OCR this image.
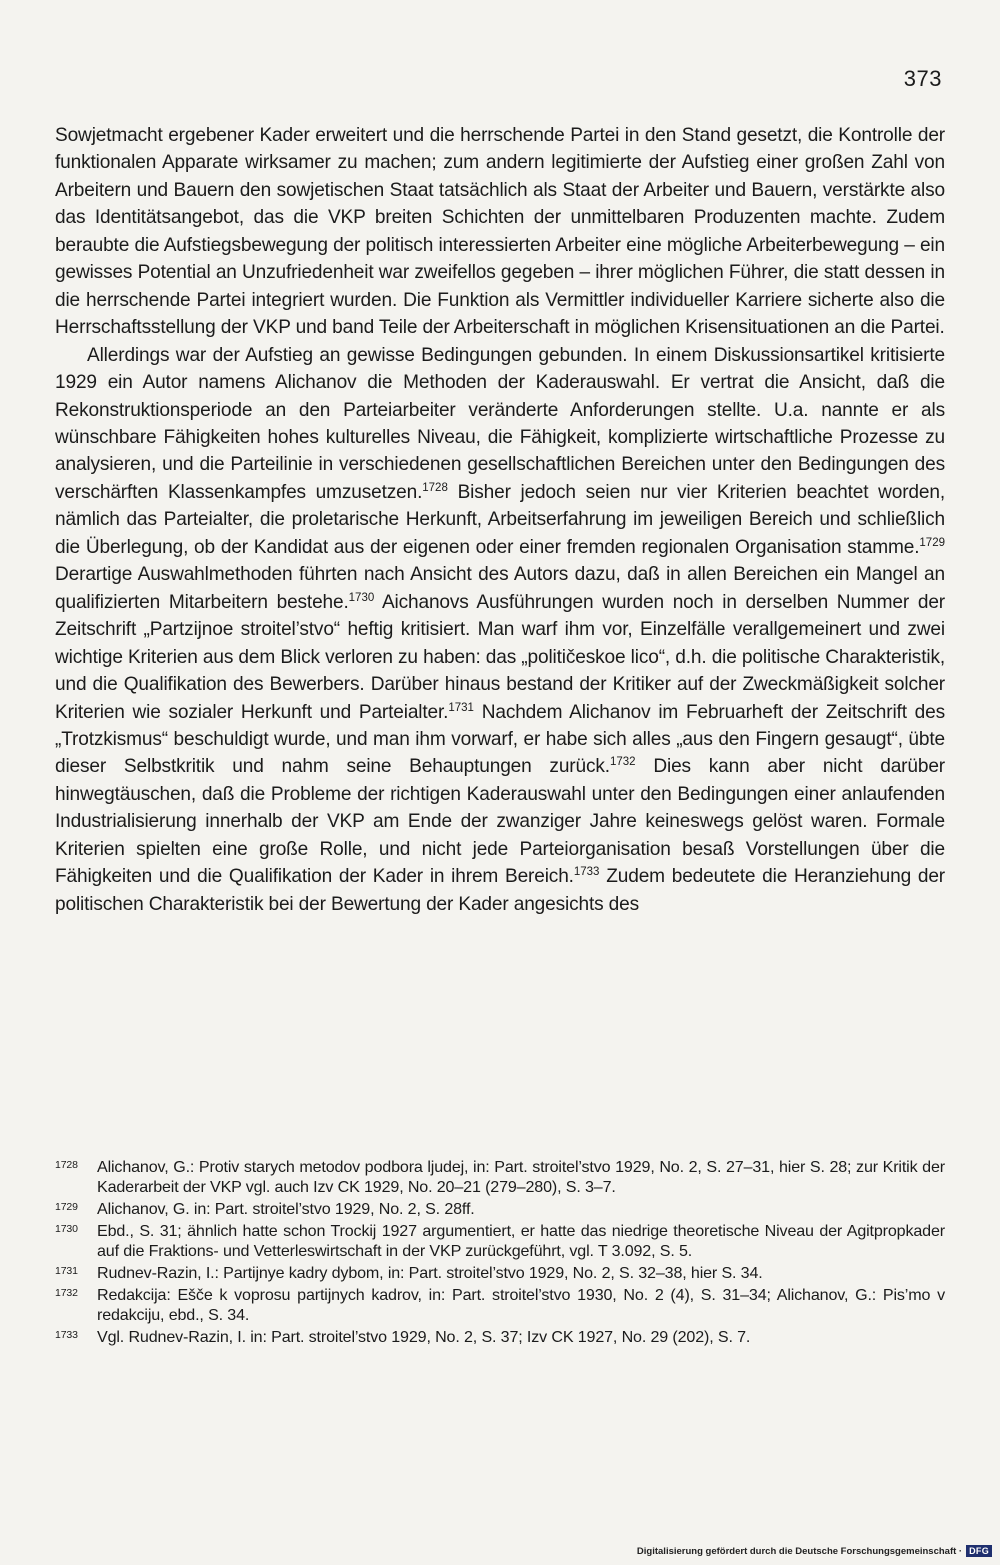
373

Sowjetmacht ergebener Kader erweitert und die herrschende Partei in den Stand gesetzt, die Kontrolle der funktionalen Apparate wirksamer zu machen; zum andern legitimierte der Aufstieg einer großen Zahl von Arbeitern und Bauern den sowjetischen Staat tatsächlich als Staat der Arbeiter und Bauern, verstärkte also das Identitätsangebot, das die VKP breiten Schichten der unmittelbaren Produzenten machte. Zudem beraubte die Aufstiegsbewegung der politisch interessierten Arbeiter eine mögliche Arbeiterbewegung – ein gewisses Potential an Unzufriedenheit war zweifellos gegeben – ihrer möglichen Führer, die statt dessen in die herrschende Partei integriert wurden. Die Funktion als Vermittler individueller Karriere sicherte also die Herrschaftsstellung der VKP und band Teile der Arbeiterschaft in möglichen Krisensituationen an die Partei.

Allerdings war der Aufstieg an gewisse Bedingungen gebunden. In einem Diskussionsartikel kritisierte 1929 ein Autor namens Alichanov die Methoden der Kaderauswahl. Er vertrat die Ansicht, daß die Rekonstruktionsperiode an den Parteiarbeiter veränderte Anforderungen stellte. U.a. nannte er als wünschbare Fähigkeiten hohes kulturelles Niveau, die Fähigkeit, komplizierte wirtschaftliche Prozesse zu analysieren, und die Parteilinie in verschiedenen gesellschaftlichen Bereichen unter den Bedingungen des verschärften Klassenkampfes umzusetzen.$^{1728}$ Bisher jedoch seien nur vier Kriterien beachtet worden, nämlich das Parteialter, die proletarische Herkunft, Arbeitserfahrung im jeweiligen Bereich und schließlich die Überlegung, ob der Kandidat aus der eigenen oder einer fremden regionalen Organisation stamme.$^{1729}$ Derartige Auswahlmethoden führten nach Ansicht des Autors dazu, daß in allen Bereichen ein Mangel an qualifizierten Mitarbeitern bestehe.$^{1730}$ Aichanovs Ausführungen wurden noch in derselben Nummer der Zeitschrift „Partzijnoe stroitel’stvo“ heftig kritisiert. Man warf ihm vor, Einzelfälle verallgemeinert und zwei wichtige Kriterien aus dem Blick verloren zu haben: das „političeskoe lico“, d.h. die politische Charakteristik, und die Qualifikation des Bewerbers. Darüber hinaus bestand der Kritiker auf der Zweckmäßigkeit solcher Kriterien wie sozialer Herkunft und Parteialter.$^{1731}$ Nachdem Alichanov im Februarheft der Zeitschrift des „Trotzkismus“ beschuldigt wurde, und man ihm vorwarf, er habe sich alles „aus den Fingern gesaugt“, übte dieser Selbstkritik und nahm seine Behauptungen zurück.$^{1732}$ Dies kann aber nicht darüber hinwegtäuschen, daß die Probleme der richtigen Kaderauswahl unter den Bedingungen einer anlaufenden Industrialisierung innerhalb der VKP am Ende der zwanziger Jahre keineswegs gelöst waren. Formale Kriterien spielten eine große Rolle, und nicht jede Parteiorganisation besaß Vorstellungen über die Fähigkeiten und die Qualifikation der Kader in ihrem Bereich.$^{1733}$ Zudem bedeutete die Heranziehung der politischen Charakteristik bei der Bewertung der Kader angesichts des

1728	Alichanov, G.: Protiv starych metodov podbora ljudej, in: Part. stroitel’stvo 1929, No. 2, S. 27–31, hier S. 28; zur Kritik der Kaderarbeit der VKP vgl. auch Izv CK 1929, No. 20–21 (279–280), S. 3–7.
1729	Alichanov, G. in: Part. stroitel’stvo 1929, No. 2, S. 28ff.
1730	Ebd., S. 31; ähnlich hatte schon Trockij 1927 argumentiert, er hatte das niedrige theoretische Niveau der Agitpropkader auf die Fraktions- und Vetterleswirtschaft in der VKP zurückgeführt, vgl. T 3.092, S. 5.
1731	Rudnev-Razin, I.: Partijnye kadry dybom, in: Part. stroitel’stvo 1929, No. 2, S. 32–38, hier S. 34.
1732	Redakcija: Ešče k voprosu partijnych kadrov, in: Part. stroitel’stvo 1930, No. 2 (4), S. 31–34; Alichanov, G.: Pis’mo v redakciju, ebd., S. 34.
1733	Vgl. Rudnev-Razin, I. in: Part. stroitel’stvo 1929, No. 2, S. 37; Izv CK 1927, No. 29 (202), S. 7.
Digitalisierung gefördert durch die Deutsche Forschungsgemeinschaft · DFG
